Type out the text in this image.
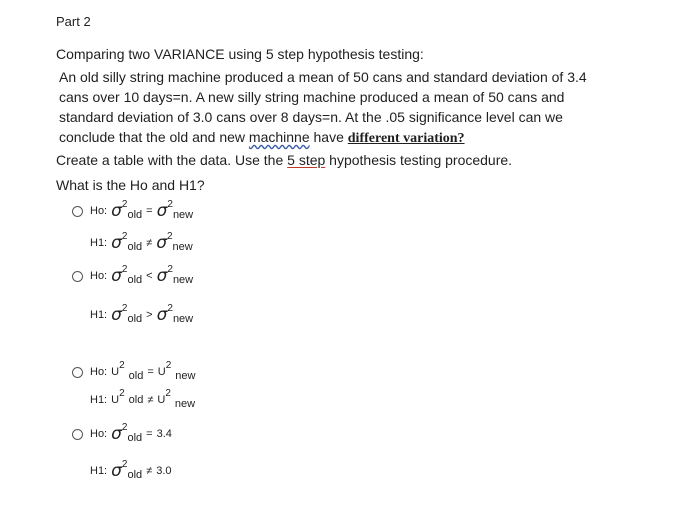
Part 2
Comparing two VARIANCE using 5 step hypothesis testing:
An old silly string machine produced a mean of 50 cans and standard deviation of 3.4 cans over 10 days=n. A new silly string machine produced a mean of 50 cans and standard deviation of 3.0 cans over 8 days=n. At the .05 significance level can we conclude that the old and new machinne have different variation?
Create a table with the data. Use the 5 step hypothesis testing procedure.
What is the Ho and H1?
Ho: σ 2
old = σ 2
new
H1: σ 2
old ≠ σ 2
new
Ho: σ 2
old < σ 2
new
H1: σ 2
old > σ 2
new
Ho: U
2
old = U
2
new
H1: U
2
old ≠ U
2
new
Ho: σ 2
old = 3.4
H1: σ 2
old ≠ 3.0
